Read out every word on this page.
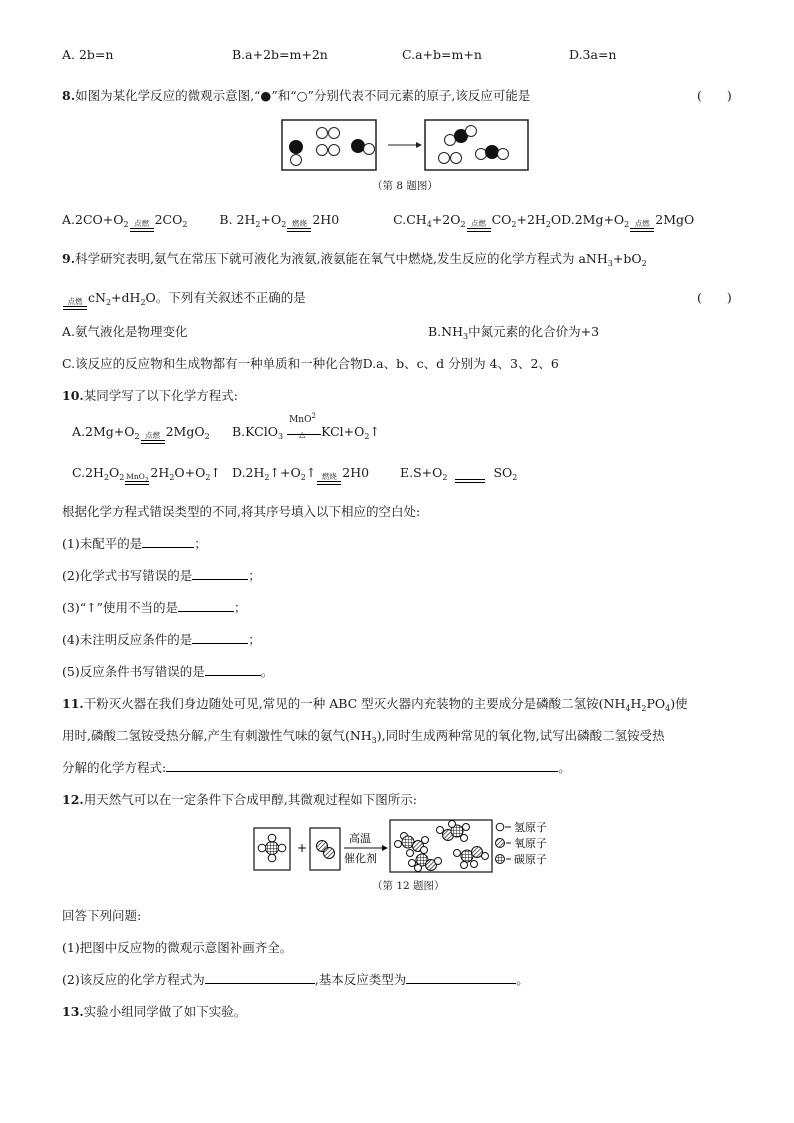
A. 2b=n	B.a+2b=m+2n	C.a+b=m+n	D.3a=n
8.如图为某化学反应的微观示意图,“●”和“○”分别代表不同元素的原子,该反应可能是	(　　)
（第 8 题图）
$A.2CO+O_2$ 点燃 $2CO_2$	B. $2H_2+O_2$ 燃烧 2H0	$C.CH_4+2O_2$ 点燃 $CO_2+2H_2OD.2Mg+O_2$ 点燃 2MgO
9.科学研究表明,氨气在常压下就可液化为液氨,液氨能在氧气中燃烧,发生反应的化学方程式为 $aNH_3+bO_2$
点燃 $cN_2+dH_2O$。下列有关叙述不正确的是	(　　)
A.氨气液化是物理变化	$B.NH_3$中氮元素的化合价为+3
C.该反应的反应物和生成物都有一种单质和一种化合物D.a、b、c、d 分别为 4、3、2、6
10.某同学写了以下化学方程式:
$A.2Mg+O_2$ 点燃 2MgO$_2$ B.KClO$_3$
MnO$^2$
△ $KCl+O_2↑$
$C.2H_2O_2$ MnO$_2$
$2H_2O+O_2↑$ $D.2H_2↑+O_2↑$ 燃烧 2H0 $E.S+O_2$	$SO_2$
根据化学方程式错误类型的不同,将其序号填入以下相应的空白处:
(1)未配平的是	；
(2)化学式书写错误的是	；
(3)“↑”使用不当的是	；
(4)未注明反应条件的是	；
(5)反应条件书写错误的是	。
11.干粉灭火器在我们身边随处可见,常见的一种 ABC 型灭火器内充装物的主要成分是磷酸二氢铵$(NH_4H_2PO_4)$使
用时,磷酸二氢铵受热分解,产生有刺激性气味的氨气$(NH_3)$,同时生成两种常见的氧化物,试写出磷酸二氢铵受热
分解的化学方程式:	。
12.用天然气可以在一定条件下合成甲醇,其微观过程如下图所示:
+
高温
催化剂
氢原子
氧原子
碳原子
（第 12 题图）
回答下列问题:
(1)把图中反应物的微观示意图补画齐全。
(2)该反应的化学方程式为	,基本反应类型为	。
13.实验小组同学做了如下实验。
